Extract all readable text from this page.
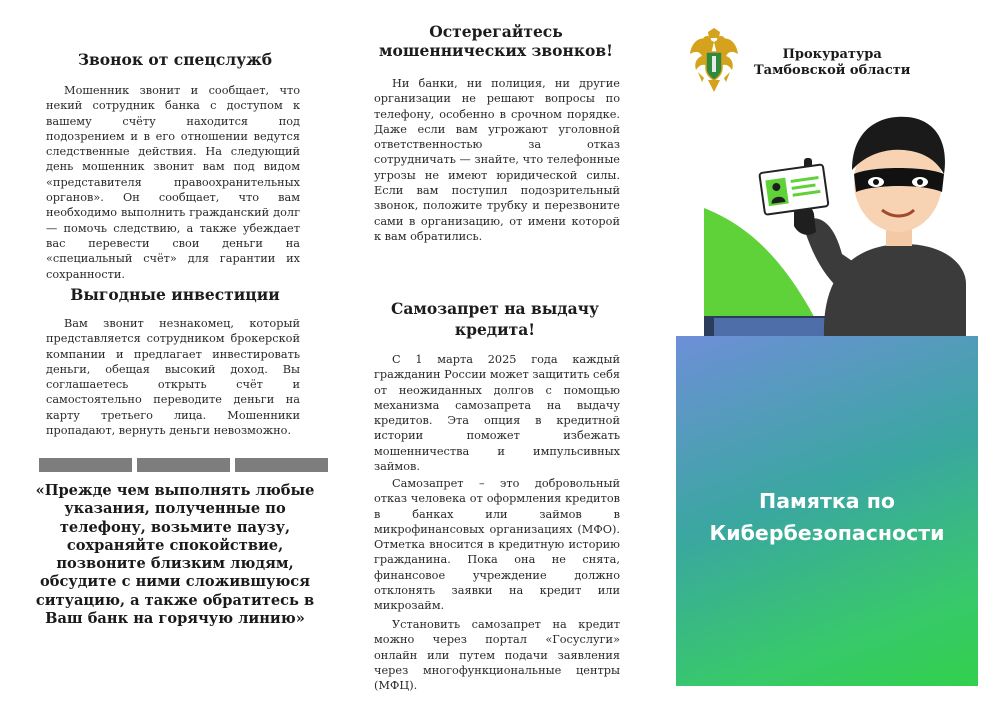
Звонок от спецслужб

Мошенник звонит и сообщает, что некий сотрудник банка с доступом к вашему счёту находится под подозрением и в его отношении ведутся следственные действия. На следующий день мошенник звонит вам под видом «представителя правоохранительных органов». Он сообщает, что вам необходимо выполнить гражданский долг — помочь следствию, а также убеждает вас перевести свои деньги на «специальный счёт» для гарантии их сохранности.

Выгодные инвестиции

Вам звонит незнакомец, который представляется сотрудником брокерской компании и предлагает инвестировать деньги, обещая высокий доход. Вы соглашаетесь открыть счёт и самостоятельно переводите деньги на карту третьего лица. Мошенники пропадают, вернуть деньги невозможно.

«Прежде чем выполнять любые указания, полученные по телефону, возьмите паузу, сохраняйте спокойствие, позвоните близким людям, обсудите с ними сложившуюся ситуацию, а также обратитесь в Ваш банк на горячую линию»

Остерегайтесь мошеннических звонков!

Ни банки, ни полиция, ни другие организации не решают вопросы по телефону, особенно в срочном порядке. Даже если вам угрожают уголовной ответственностью за отказ сотрудничать — знайте, что телефонные угрозы не имеют юридической силы. Если вам поступил подозрительный звонок, положите трубку и перезвоните сами в организацию, от имени которой к вам обратились.

Самозапрет на выдачу кредита!

С 1 марта 2025 года каждый гражданин России может защитить себя от неожиданных долгов с помощью механизма самозапрета на выдачу кредитов. Эта опция в кредитной истории поможет избежать мошенничества и импульсивных займов.

Самозапрет – это добровольный отказ человека от оформления кредитов в банках или займов в микрофинансовых организациях (МФО). Отметка вносится в кредитную историю гражданина. Пока она не снята, финансовое учреждение должно отклонять заявки на кредит или микрозайм.

Установить самозапрет на кредит можно через портал «Госуслуги» онлайн или путем подачи заявления через многофункциональные центры (МФЦ).

Прокуратура
Тамбовской области
Памятка по
Кибербезопасности
